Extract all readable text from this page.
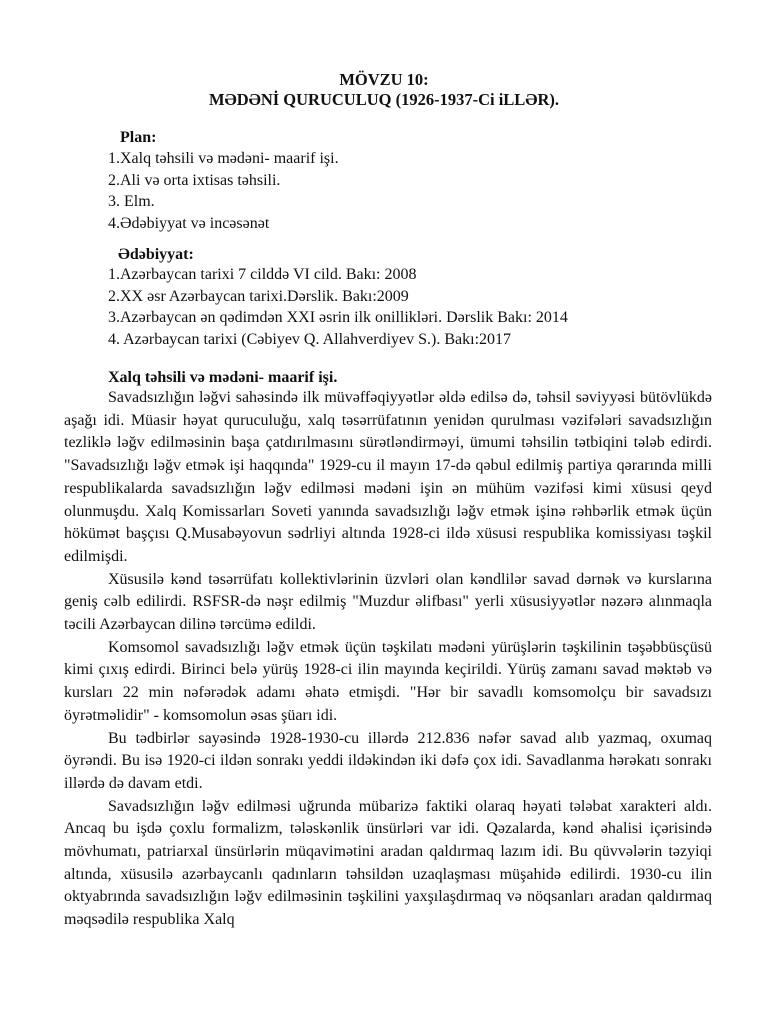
MÖVZU 10:
MƏDƏNİ QURUCULUQ (1926-1937-Ci iLLƏR).
Plan:
1.Xalq təhsili və mədəni- maarif işi.
2.Ali və orta ixtisas təhsili.
3. Elm.
4.Ədəbiyyat və incəsənət
Ədəbiyyat:
1.Azərbaycan tarixi 7 cilddə VI cild. Bakı: 2008
2.XX əsr Azərbaycan tarixi.Dərslik. Bakı:2009
3.Azərbaycan ən qədimdən XXI əsrin ilk onillikləri. Dərslik Bakı: 2014
4. Azərbaycan tarixi (Cəbiyev Q. Allahverdiyev S.). Bakı:2017
Xalq təhsili və mədəni- maarif işi.

Savadsızlığın ləğvi sahəsində ilk müvəffəqiyyətlər əldə edilsə də, təhsil səviyyəsi bütövlükdə aşağı idi. Müasir həyat quruculuğu, xalq təsərrüfatının yenidən qurulması vəzifələri savadsızlığın tezliklə ləğv edilməsinin başa çatdırılmasını sürətləndirməyi, ümumi təhsilin tətbiqini tələb edirdi. "Savadsızlığı ləğv etmək işi haqqında" 1929-cu il mayın 17-də qəbul edilmiş partiya qərarında milli respublikalarda savadsızlığın ləğv edilməsi mədəni işin ən mühüm vəzifəsi kimi xüsusi qeyd olunmuşdu. Xalq Komissarları Soveti yanında savadsızlığı ləğv etmək işinə rəhbərlik etmək üçün hökümət başçısı Q.Musabəyovun sədrliyi altında 1928-ci ildə xüsusi respublika komissiyası təşkil edilmişdi.

Xüsusilə kənd təsərrüfatı kollektivlərinin üzvləri olan kəndlilər savad dərnək və kurslarına geniş cəlb edilirdi. RSFSR-də nəşr edilmiş "Muzdur əlifbası" yerli xüsusiyyətlər nəzərə alınmaqla təcili Azərbaycan dilinə tərcümə edildi.

Komsomol savadsızlığı ləğv etmək üçün təşkilatı mədəni yürüşlərin təşkilinin təşəbbüsçüsü kimi çıxış edirdi. Birinci belə yürüş 1928-ci ilin mayında keçirildi. Yürüş zamanı savad məktəb və kursları 22 min nəfərədək adamı əhatə etmişdi. "Hər bir savadlı komsomolçu bir savadsızı öyrətməlidir" - komsomolun əsas şüarı idi.

Bu tədbirlər sayəsində 1928-1930-cu illərdə 212.836 nəfər savad alıb yazmaq, oxumaq öyrəndi. Bu isə 1920-ci ildən sonrakı yeddi ildəkindən iki dəfə çox idi. Savadlanma hərəkatı sonrakı illərdə də davam etdi.

Savadsızlığın ləğv edilməsi uğrunda mübarizə faktiki olaraq həyati tələbat xarakteri aldı. Ancaq bu işdə çoxlu formalizm, tələskənlik ünsürləri var idi. Qəzalarda, kənd əhalisi içərisində mövhumatı, patriarxal ünsürlərin müqavimətini aradan qaldırmaq lazım idi. Bu qüvvələrin təzyiqi altında, xüsusilə azərbaycanlı qadınların təhsildən uzaqlaşması müşahidə edilirdi. 1930-cu ilin oktyabrında savadsızlığın ləğv edilməsinin təşkilini yaxşılaşdırmaq və nöqsanları aradan qaldırmaq məqsədilə respublika Xalq
